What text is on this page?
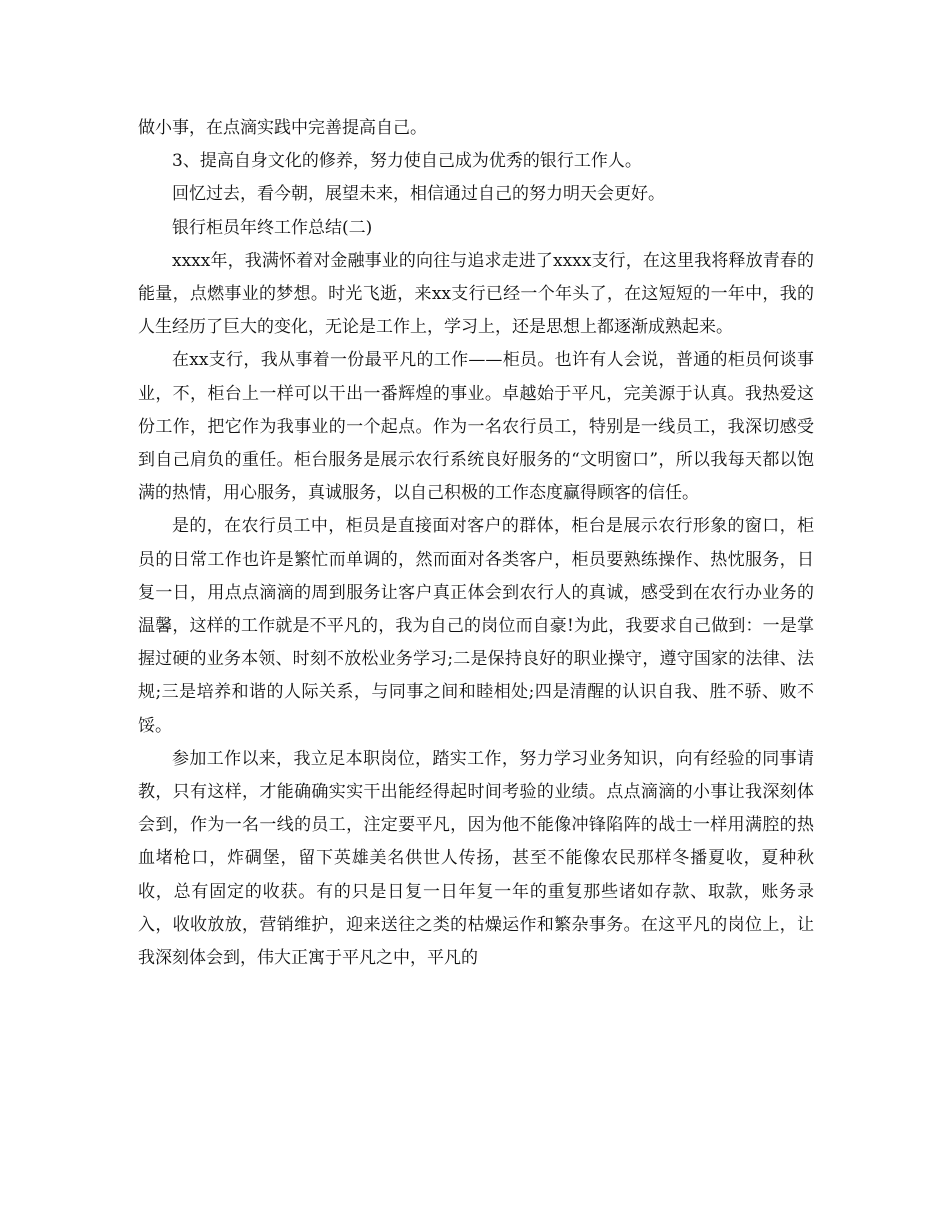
做小事，在点滴实践中完善提高自己。

3、提高自身文化的修养，努力使自己成为优秀的银行工作人。

回忆过去，看今朝，展望未来，相信通过自己的努力明天会更好。

银行柜员年终工作总结(二)

xxxx年，我满怀着对金融事业的向往与追求走进了xxxx支行，在这里我将释放青春的能量，点燃事业的梦想。时光飞逝，来xx支行已经一个年头了，在这短短的一年中，我的人生经历了巨大的变化，无论是工作上，学习上，还是思想上都逐渐成熟起来。

在xx支行，我从事着一份最平凡的工作——柜员。也许有人会说，普通的柜员何谈事业，不，柜台上一样可以干出一番辉煌的事业。卓越始于平凡，完美源于认真。我热爱这份工作，把它作为我事业的一个起点。作为一名农行员工，特别是一线员工，我深切感受到自己肩负的重任。柜台服务是展示农行系统良好服务的“文明窗口”，所以我每天都以饱满的热情，用心服务，真诚服务，以自己积极的工作态度赢得顾客的信任。

是的，在农行员工中，柜员是直接面对客户的群体，柜台是展示农行形象的窗口，柜员的日常工作也许是繁忙而单调的，然而面对各类客户，柜员要熟练操作、热忱服务，日复一日，用点点滴滴的周到服务让客户真正体会到农行人的真诚，感受到在农行办业务的温馨，这样的工作就是不平凡的，我为自己的岗位而自豪!为此，我要求自己做到：一是掌握过硬的业务本领、时刻不放松业务学习;二是保持良好的职业操守，遵守国家的法律、法规;三是培养和谐的人际关系，与同事之间和睦相处;四是清醒的认识自我、胜不骄、败不馁。

参加工作以来，我立足本职岗位，踏实工作，努力学习业务知识，向有经验的同事请教，只有这样，才能确确实实干出能经得起时间考验的业绩。点点滴滴的小事让我深刻体会到，作为一名一线的员工，注定要平凡，因为他不能像冲锋陷阵的战士一样用满腔的热血堵枪口，炸碉堡，留下英雄美名供世人传扬，甚至不能像农民那样冬播夏收，夏种秋收，总有固定的收获。有的只是日复一日年复一年的重复那些诸如存款、取款，账务录入，收收放放，营销维护，迎来送往之类的枯燥运作和繁杂事务。在这平凡的岗位上，让我深刻体会到，伟大正寓于平凡之中，平凡的
